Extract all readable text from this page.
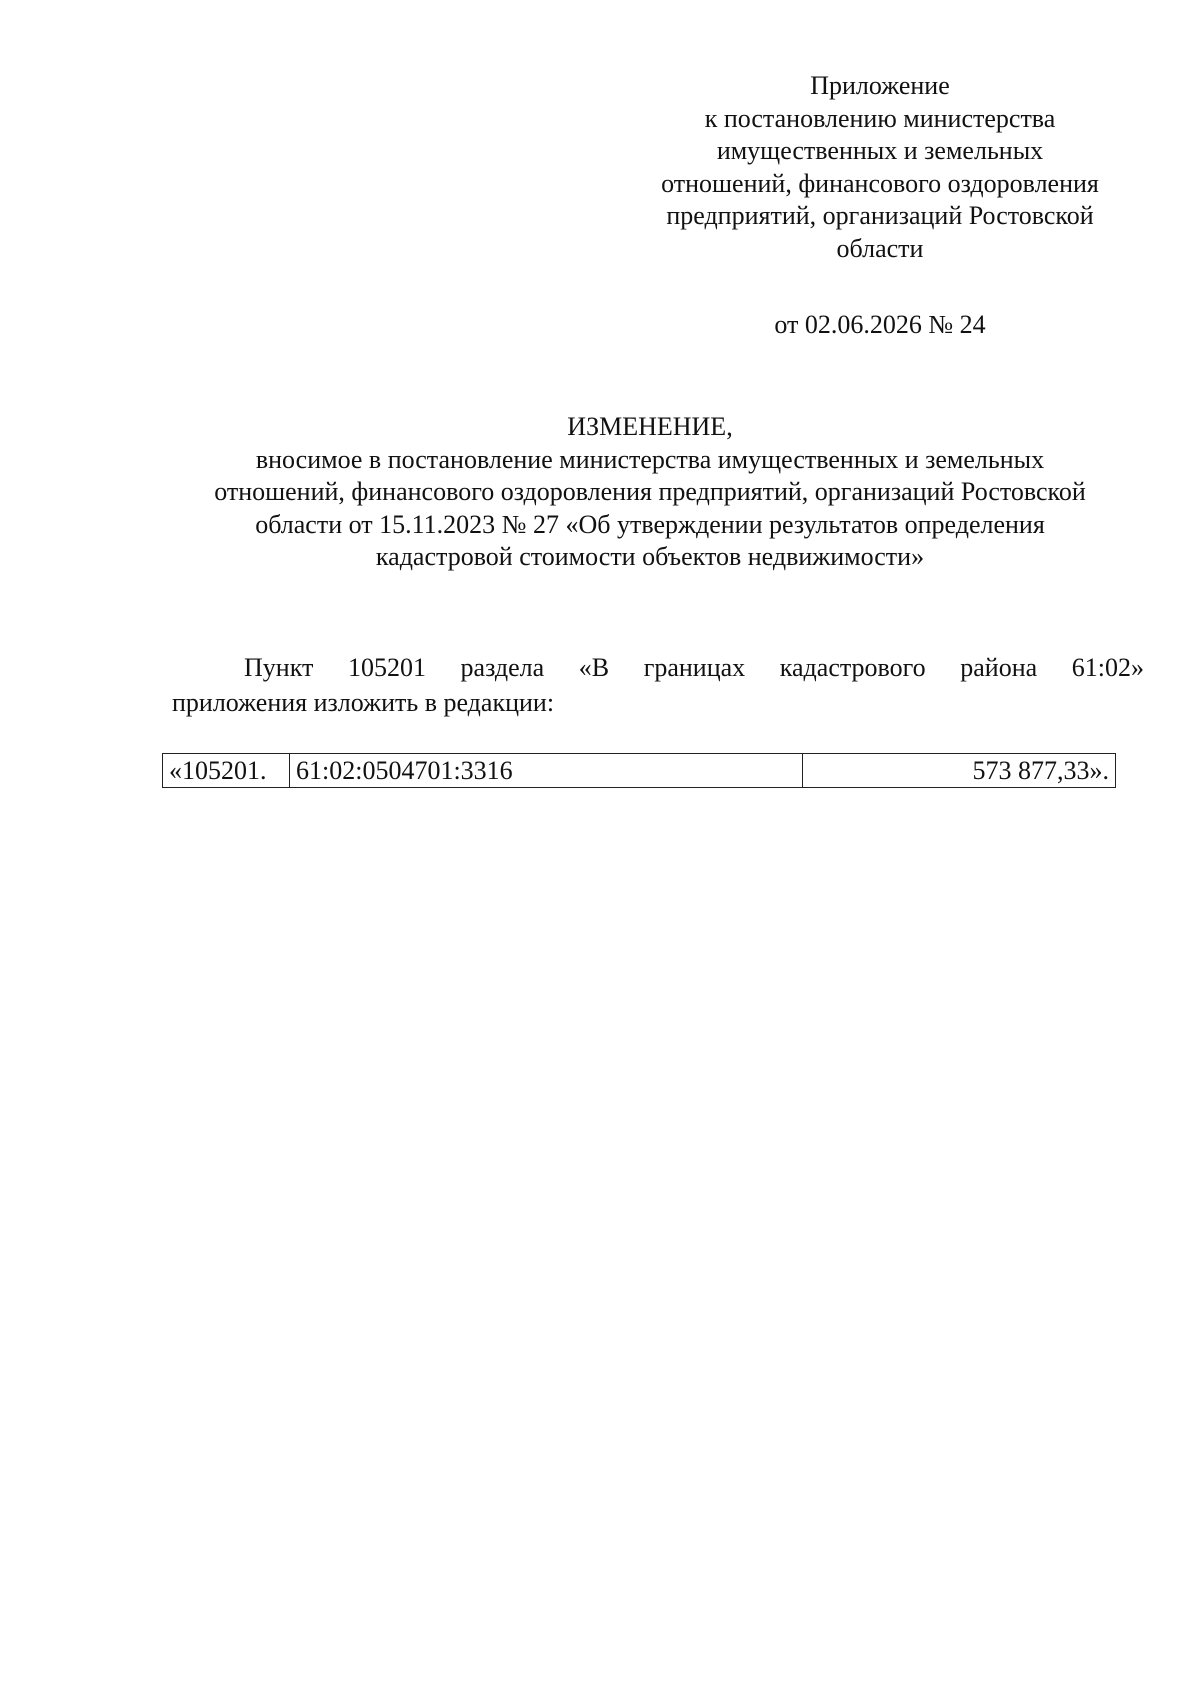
Приложение
к постановлению министерства
имущественных и земельных
отношений, финансового оздоровления
предприятий, организаций Ростовской
области
от 02.06.2026 № 24
ИЗМЕНЕНИЕ,
вносимое в постановление министерства имущественных и земельных
отношений, финансового оздоровления предприятий, организаций Ростовской
области от 15.11.2023 № 27 «Об утверждении результатов определения
кадастровой стоимости объектов недвижимости»
Пункт 105201 раздела «В границах кадастрового района 61:02»
приложения изложить в редакции:
«105201.	61:02:0504701:3316	573 877,33».
